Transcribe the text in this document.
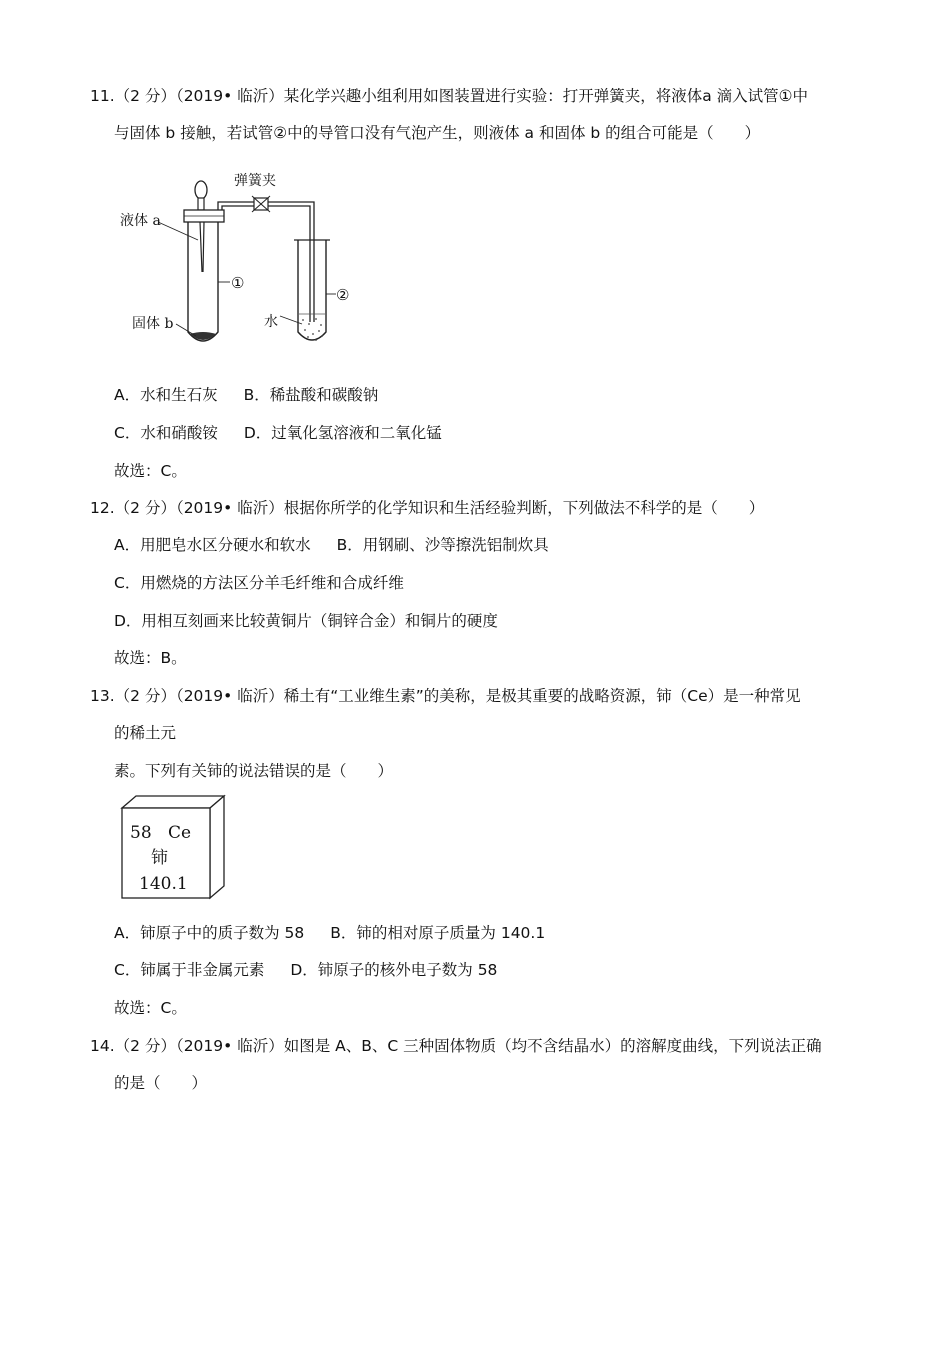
11.（2 分）（2019• 临沂）某化学兴趣小组利用如图装置进行实验：打开弹簧夹，将液体a 滴入试管①中
与固体 b 接触，若试管②中的导管口没有气泡产生，则液体 a 和固体 b 的组合可能是（　　）
弹簧夹
液体 a
①
固体 b
②
水
A．水和生石灰 B．稀盐酸和碳酸钠
C．水和硝酸铵 D．过氧化氢溶液和二氧化锰
故选：C。
12.（2 分）（2019• 临沂）根据你所学的化学知识和生活经验判断，下列做法不科学的是（　　）
A．用肥皂水区分硬水和软水 B．用钢刷、沙等擦洗铝制炊具
C．用燃烧的方法区分羊毛纤维和合成纤维
D．用相互刻画来比较黄铜片（铜锌合金）和铜片的硬度
故选：B。
13.（2 分）（2019• 临沂）稀土有“工业维生素”的美称，是极其重要的战略资源，铈（Ce）是一种常见
的稀土元
素。下列有关铈的说法错误的是（　　）
58 Ce
铈
140.1
A．铈原子中的质子数为 58 B．铈的相对原子质量为 140.1
C．铈属于非金属元素 D．铈原子的核外电子数为 58
故选：C。
14.（2 分）（2019• 临沂）如图是 A、B、C 三种固体物质（均不含结晶水）的溶解度曲线，下列说法正确
的是（　　）
